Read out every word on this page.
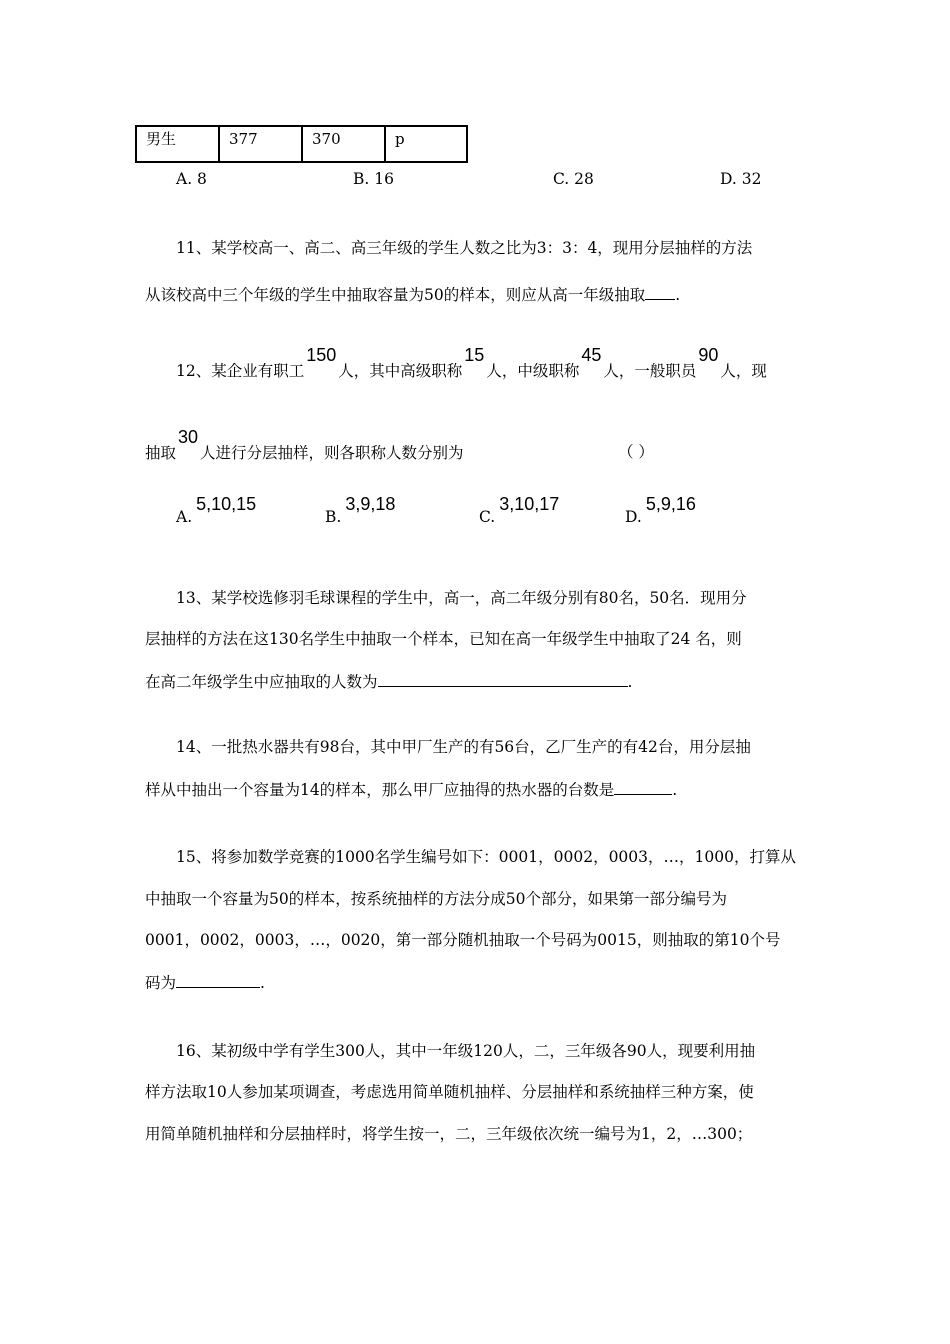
男生	377	370	p
A. 8	B. 16	C. 28	D. 32
11、某学校高一、高二、高三年级的学生人数之比为3：3：4，现用分层抽样的方法
从该校高中三个年级的学生中抽取容量为50的样本，则应从高一年级抽取 .
12、某企业有职工150人，其中高级职称15人，中级职称45人，一般职员90人，现
抽取30人进行分层抽样，则各职称人数分别为	（ ）
A.5,10,15
B.3,9,18
C.3,10,17
D.5,9,16
13、某学校选修羽毛球课程的学生中，高一，高二年级分别有80名，50名．现用分
层抽样的方法在这130名学生中抽取一个样本，已知在高一年级学生中抽取了24 名，则
在高二年级学生中应抽取的人数为	.
14、一批热水器共有98台，其中甲厂生产的有56台，乙厂生产的有42台，用分层抽
样从中抽出一个容量为14的样本，那么甲厂应抽得的热水器的台数是	.
15、将参加数学竞赛的1000名学生编号如下：0001，0002，0003，…，1000，打算从
中抽取一个容量为50的样本，按系统抽样的方法分成50个部分，如果第一部分编号为
0001，0002，0003，…，0020，第一部分随机抽取一个号码为0015，则抽取的第10个号
码为	.
16、某初级中学有学生300人，其中一年级120人，二，三年级各90人，现要利用抽
样方法取10人参加某项调查，考虑选用简单随机抽样、分层抽样和系统抽样三种方案，使
用简单随机抽样和分层抽样时，将学生按一，二，三年级依次统一编号为1，2，…300；
